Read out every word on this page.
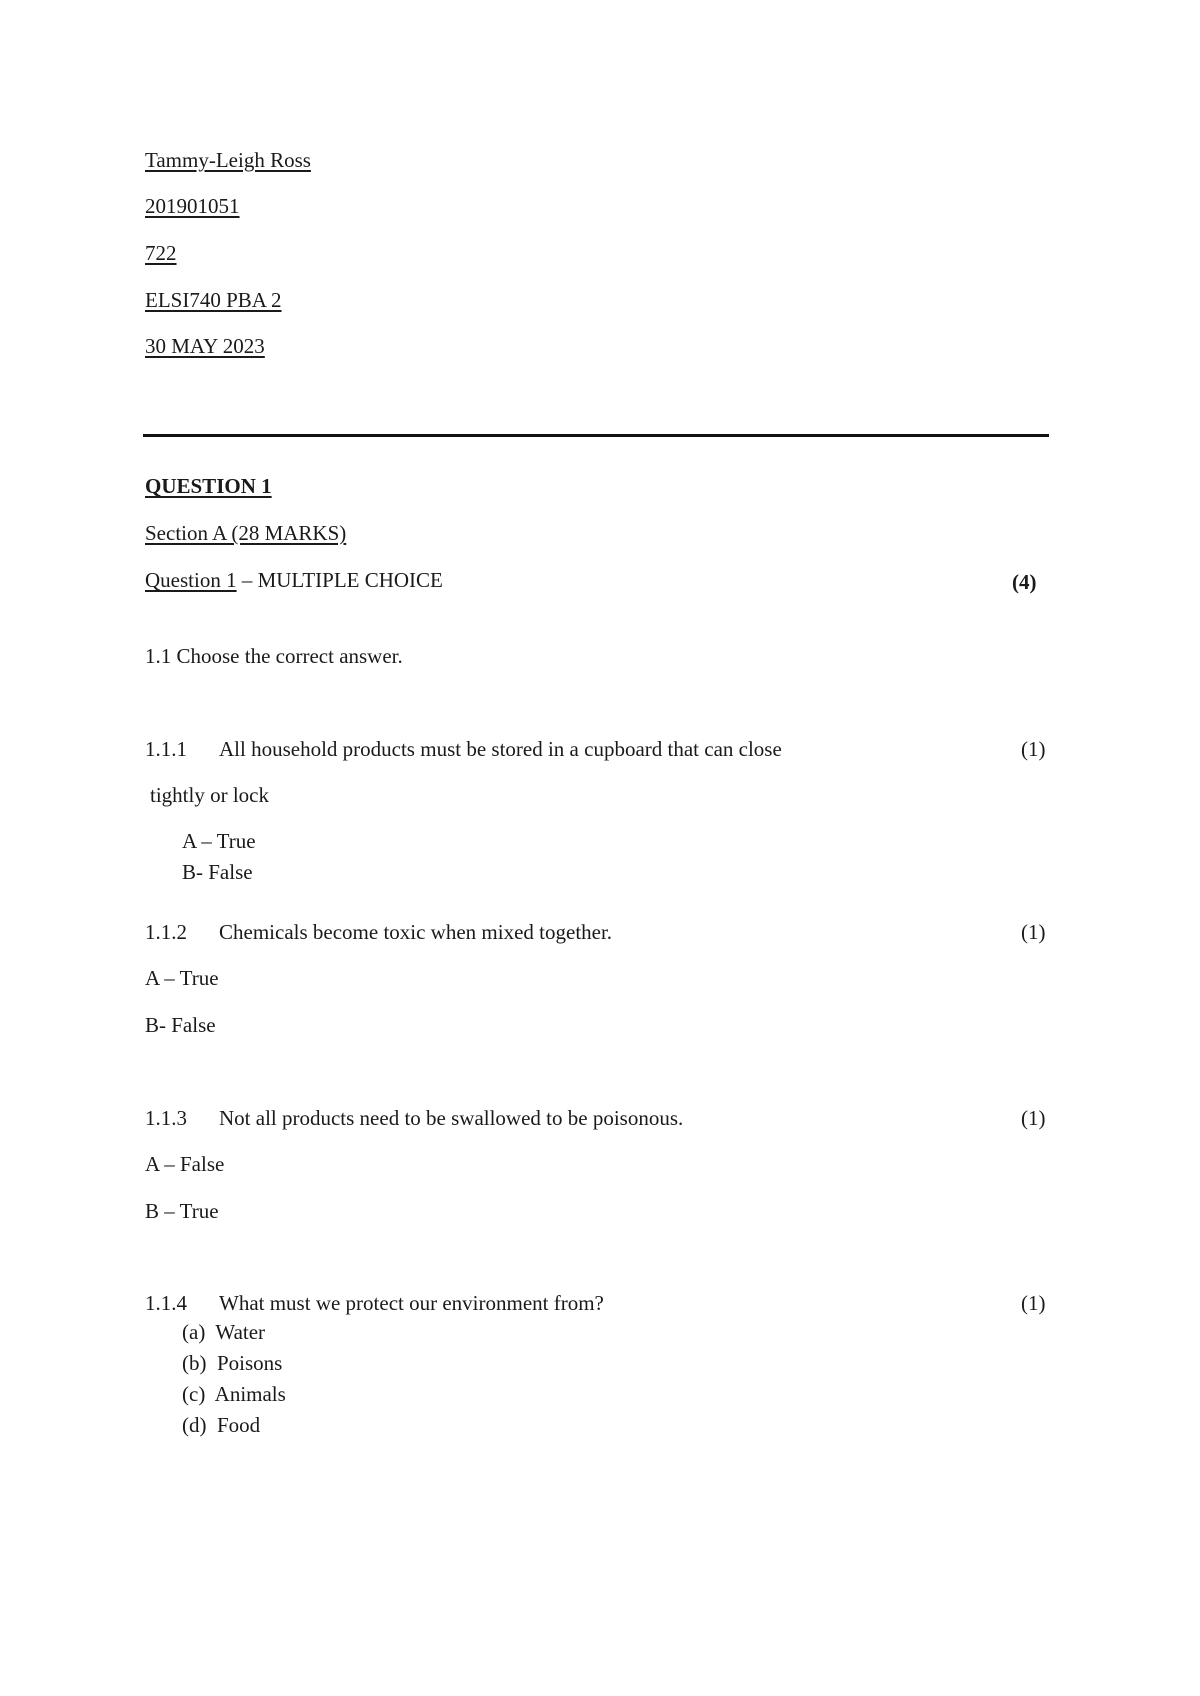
Tammy-Leigh Ross
201901051
722
ELSI740 PBA 2
30 MAY 2023
QUESTION 1
Section A (28 MARKS)
Question 1 – MULTIPLE CHOICE	(4)
1.1 Choose the correct answer.
1.1.1 All household products must be stored in a cupboard that can close	(1)
tightly or lock
A – True
B- False
1.1.2 Chemicals become toxic when mixed together.	(1)
A – True
B- False
1.1.3 Not all products need to be swallowed to be poisonous.	(1)
A – False
B – True
1.1.4 What must we protect our environment from?	(1)
(a)  Water
(b)  Poisons
(c)  Animals
(d)  Food
